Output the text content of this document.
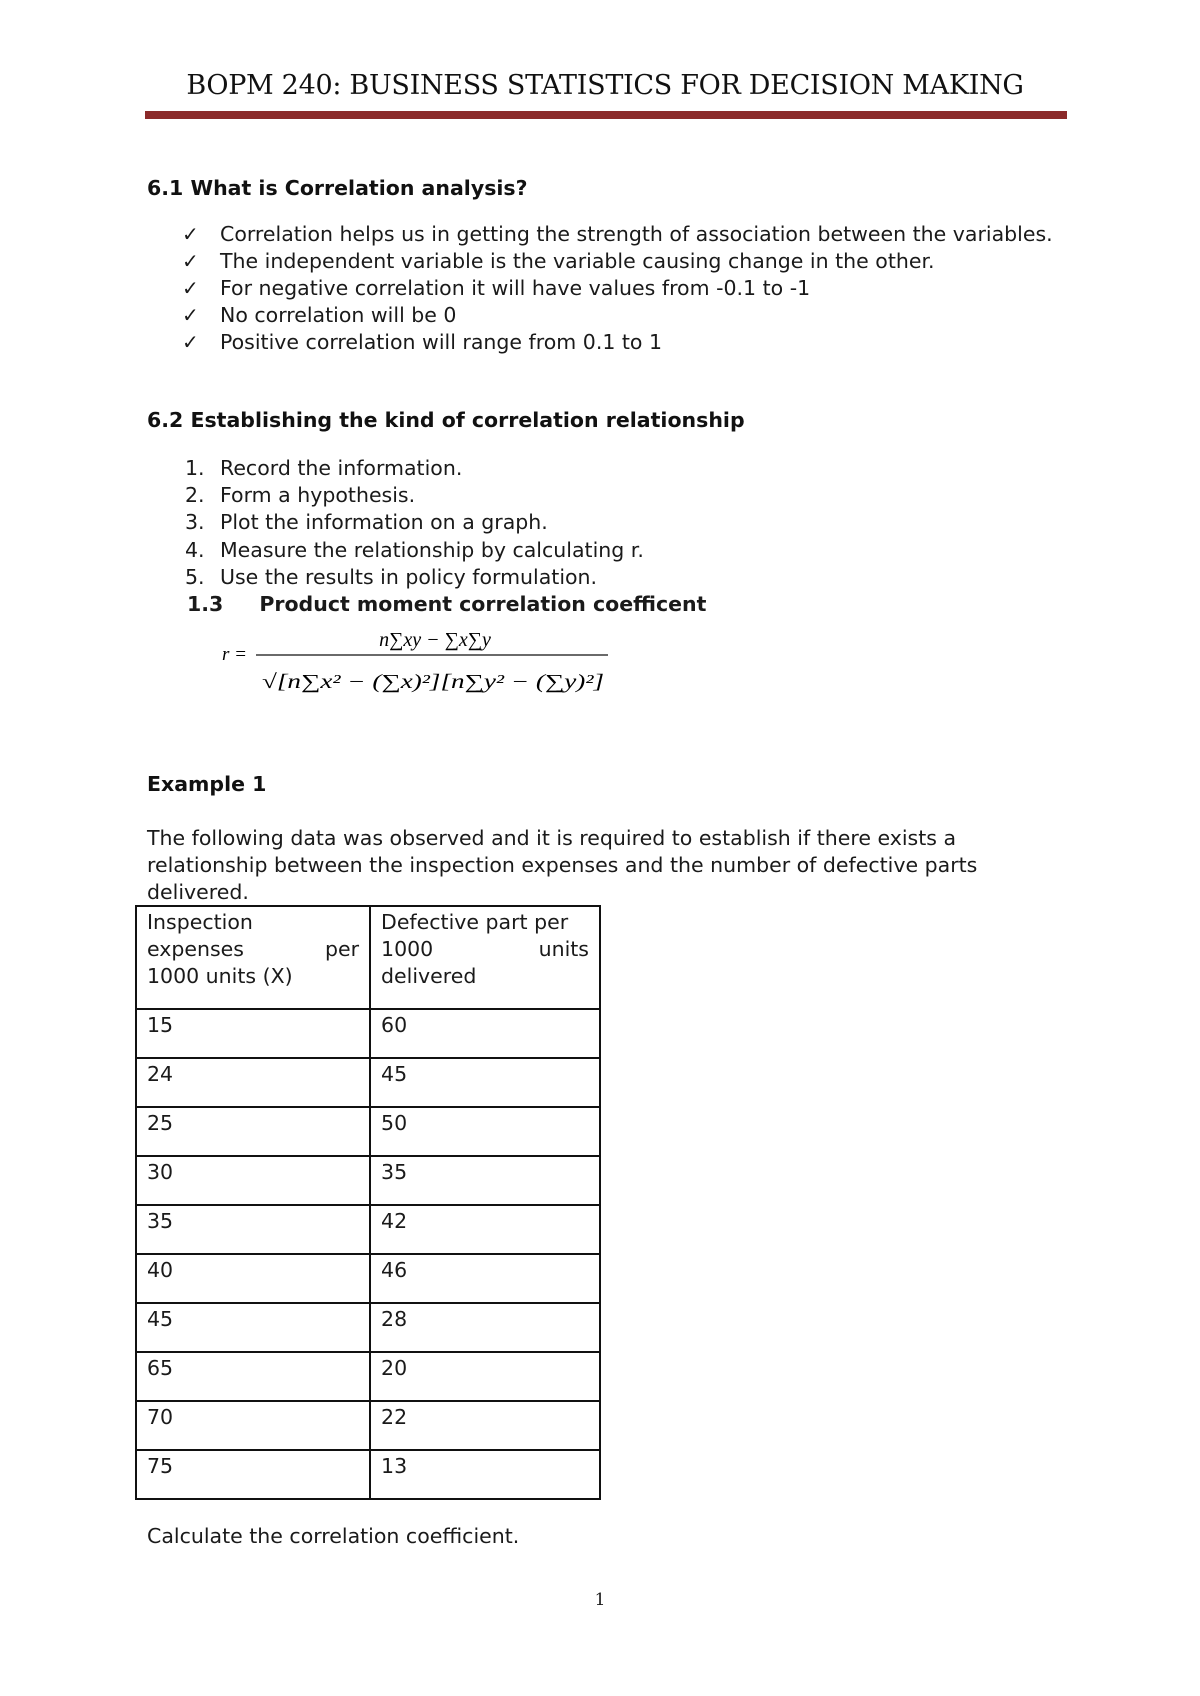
BOPM 240: BUSINESS STATISTICS FOR DECISION MAKING
6.1 What is Correlation analysis?
✓ Correlation helps us in getting the strength of association between the variables.
✓ The independent variable is the variable causing change in the other.
✓ For negative correlation it will have values from -0.1 to -1
✓ No correlation will be 0
✓ Positive correlation will range from 0.1 to 1
6.2 Establishing the kind of correlation relationship
1. Record the information.
2. Form a hypothesis.
3. Plot the information on a graph.
4. Measure the relationship by calculating r.
5. Use the results in policy formulation.
1.3 Product moment correlation coefficent
r =
n∑xy − ∑x∑y
√[n∑x² − (∑x)²][n∑y² − (∑y)²]
Example 1
The following data was observed and it is required to establish if there exists a relationship between the inspection expenses and the number of defective parts delivered.
Inspection
expenses per
1000 units (X)	Defective part per
1000 units
delivered

15	60
24	45
25	50
30	35
35	42
40	46
45	28
65	20
70	22
75	13
Calculate the correlation coefficient.
1
